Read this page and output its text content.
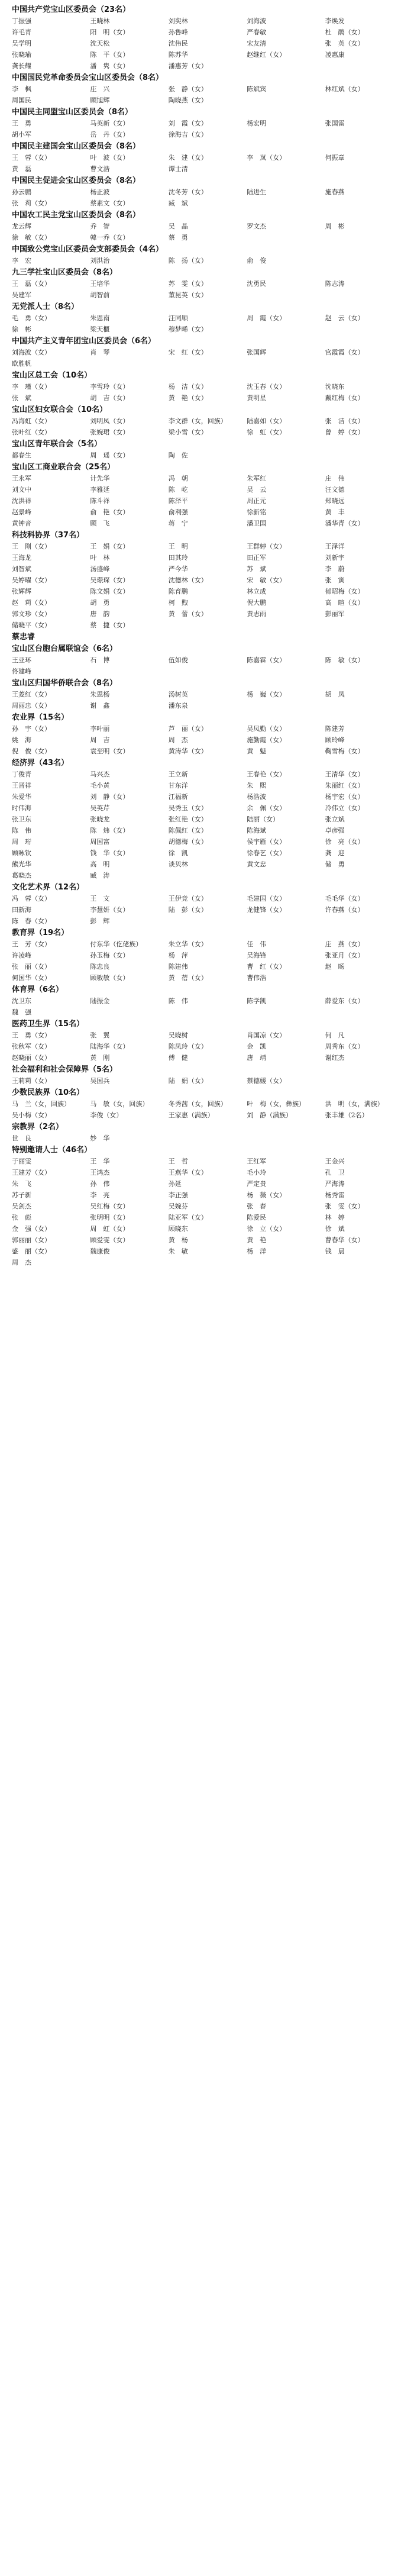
中国共产党宝山区委员会（23名）
丁振强	王晓林	刘奕林	刘海波	李焕发
许毛青	阳　明（女）	孙鲁峰	严春敏	杜　鹃（女）
吴学明	沈天松	沈伟民	宋友清	张　英（女）
张晓瑜	陈　平（女）	陈苏华	赵继红（女）	凌惠康
龚长耀	潘　隽（女）	潘惠芳（女）
中国国民党革命委员会宝山区委员会（8名）
李　枫	庄　兴	张　静（女）	陈斌宾	林红斌（女）
周国民	顾旭辉	陶晓燕（女）
中国民主同盟宝山区委员会（8名）
王　勇	马英新（女）	刘　霞（女）	杨宏明	张国雷
胡小军	岳　丹（女）	徐海吉（女）
中国民主建国会宝山区委员会（8名）
王　蓉（女）	叶　波（女）	朱　建（女）	李　岚（女）	何振章
黄　磊	曹文浩	谭士清
中国民主促进会宝山区委员会（8名）
孙云鹏	杨正波	沈冬芳（女）	陆进生	施春燕
张　莉（女）	蔡素文（女）	臧　斌
中国农工民主党宝山区委员会（8名）
龙云辉	乔　智	吴　晶	罗文杰	周　彬
徐　敏（女）	韓一乔（女）	蔡　勇
中国致公党宝山区委员会支部委员会（4名）
李　宏	刘洪治	陈　扬（女）	俞　俊
九三学社宝山区委员会（8名）
王　磊（女）	王培华	苏　雯（女）	沈勇民	陈志涛
吴建军	胡智前	董昆英（女）
无党派人士（8名）
毛　勇（女）	朱恩南	汪同顺	周　霞（女）	赵　云（女）
徐　彬	梁天櫃	穆梦晞（女）
中国共产主义青年团宝山区委员会（6名）
刘海波（女）	肖　琴	宋　红（女）	张国辉	官霞霞（女）
欧胜帆
宝山区总工会（10名）
李　瑾（女）	李雪玲（女）	杨　洁（女）	沈玉春（女）	沈晓东
张　斌	胡　吉（女）	黄　艳（女）	黄明星	戴红梅（女）
宝山区妇女联合会（10名）
冯海虹（女）	刘明凤（女）	李文群（女，回族）	陆嘉如（女）	张　洁（女）
张叶红（女）	张婉珺（女）	梁小雪（女）	徐　虹（女）	曾　婷（女）
宝山区青年联合会（5名）
都春生	周　瑶（女）	陶　佐
宝山区工商业联合会（25名）
王永军	计先华	冯　朝	朱军红	庄　伟
刘文中	李雅延	陈　屹	吴　云	汪文德
沈洪祥	陈斗祥	陈泽平	周正元	郑晓远
赵景峰	俞　艳（女）	俞利强	徐新铭	黄　丰
黄钟音	顾　飞	蒋　宁	潘卫国	潘华青（女）
科技科协界（37名）
王　刚（女）	王　娟（女）	王　明	王群婷（女）	王泽洋
王海龙	叶　林	田其玲	田正军	刘新宇
刘智斌	汤盛峰	严今华	苏　斌	李　蔚
吴婷曜（女）	吴璟琛（女）	沈德林（女）	宋　敏（女）	张　寅
张辉辉	陈文娟（女）	陈育鹏	林立成	郁昭梅（女）
赵　莉（女）	胡　勇	柯　煦	倪大鹏	高　暄（女）
郭文珍（女）	唐　韵	黄　蕾（女）	黄志雨	彭丽军
储晓平（女）	蔡　捷（女）
蔡忠睿
宝山区台胞台属联谊会（6名）
王亚环	石　博	伍如俊	陈嘉霖（女）	陈　敏（女）
佟建峰
宝山区归国华侨联合会（8名）
王菱红（女）	朱思杨	汤树英	杨　巍（女）	胡　凤
周丽忠（女）	谢　鑫	潘东泉
农业界（15名）
孙　宇（女）	李叶丽	芦　丽（女）	吴凤勤（女）	陈建芳
姚　海	周　吉	周　杰	施勤霞（女）	顾玲峰
倪　俊（女）	袁至明（女）	黄涛华（女）	黄　魁	鞠雪梅（女）
经济界（43名）
丁俊青	马兴杰	王立新	王春艳（女）	王清华（女）
王晋祥	毛小黄	甘东洋	朱　熙	朱丽红（女）
朱爱华	刘　静（女）	江福新	杨浩波	杨宇宏（女）
时伟海	吴英芹	吴秀玉（女）	余　佩（女）	冷伟立（女）
张卫东	张晓龙	张红艳（女）	陆丽（女）	张立斌
陈　伟	陈　炜（女）	陈佩红（女）	陈海斌	卓彦强
周　珩	周国富	胡德梅（女）	侯宇雁（女）	徐　亮（女）
顾咏钦	钱　华（女）	徐　凯	徐春艺（女）	龚　迎
熊光华	高　明	谈贝林	黄文忠	储　勇
葛晓杰	臧　涛
文化艺术界（12名）
冯　蓉（女）	王　文	王伊竞（女）	毛建国（女）	毛毛华（女）
田新海	李慧妍（女）	陆　彭（女）	龙健锋（女）	许春燕（女）
陈　春（女）	彭　辉
教育界（19名）
王　芳（女）	付东华（仡佬族）	朱立华（女）	任　伟	庄　燕（女）
许凌峰	孙玉梅（女）	杨　萍	吴海锋	张亚月（女）
张　丽（女）	陈忠良	陈建伟	曹　红（女）	赵　旸
何国华（女）	顾敏敏（女）	黄　蓓（女）	曹伟浩
体育界（6名）
沈卫东	陆振金	陈　伟	陈学凯	薛爱东（女）
魏　强
医药卫生界（15名）
王　勇（女）	张　翼	吴晓树	肖国凉（女）	何　凡
张秋军（女）	陆海华（女）	陈凤玲（女）	金　凯	周秀东（女）
赵晓丽（女）	黄　刚	傅　健	唐　靖	谢红杰
社会福利和社会保障界（5名）
王莉莉（女）	吴国兵	陆　娟（女）	蔡德媛（女）
少数民族界（10名）
马　兰（女，回族）	马　敏（女，回族）	冬秀茜（女，回族）	叶　梅（女，彝族）	洪　明（女，满族）
吴小梅（女）	李俊（女）	王家惠（满族）	刘　静（满族）	张丰雄（2名）
宗教界（2名）
世　良	妙　华
特别邀请人士（46名）
于丽雯	王　华	王　哲	王红军	王金兴
王建芳（女）	王鸿杰	王燕华（女）	毛小玲	孔　卫
朱　飞	孙　伟	孙延	严定贵	严海涛
苏子新	李　亮	李正强	杨　薇（女）	杨秀雷
吴剑杰	吴红梅（女）	吴婉芬	张　春	张　雯（女）
张　彪	张明明（女）	陆亚军（女）	陈爱民	林　婷
金　强（女）	周　虹（女）	顾晓东	徐　立（女）	徐　斌
郭丽丽（女）	顾爱雯（女）	黄　杨	黄　艳	曹春华（女）
盛　丽（女）	魏康俊	朱　敏	杨　洋	钱　晨
周　杰
